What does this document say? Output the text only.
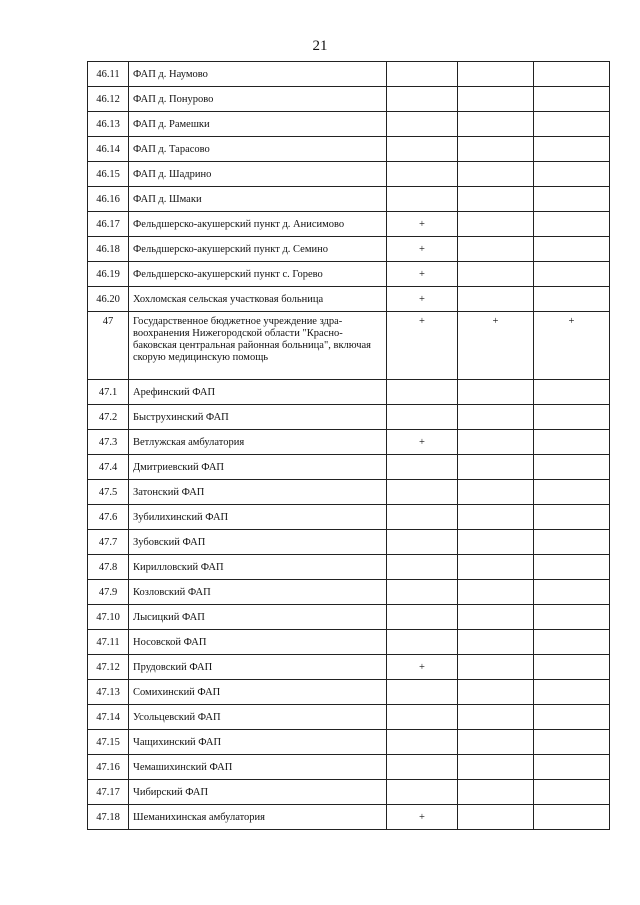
21
46.11	ФАП д. Наумово			
46.12	ФАП д. Понурово			
46.13	ФАП д. Рамешки			
46.14	ФАП д. Тарасово			
46.15	ФАП д. Шадрино			
46.16	ФАП д. Шмаки			
46.17	Фельдшерско-акушерский пункт д. Анисимово	+		
46.18	Фельдшерско-акушерский пункт д. Семино	+		
46.19	Фельдшерско-акушерский пункт с. Горево	+		
46.20	Хохломская сельская участковая больница	+		
47	Государственное бюджетное учреждение здра-воохранения Нижегородской области "Красно-баковская центральная районная больница", включая скорую медицинскую помощь	+	+	+
47.1	Арефинский ФАП			
47.2	Быструхинский ФАП			
47.3	Ветлужская амбулатория	+		
47.4	Дмитриевский ФАП			
47.5	Затонский ФАП			
47.6	Зубилихинский ФАП			
47.7	Зубовский ФАП			
47.8	Кирилловский ФАП			
47.9	Козловский ФАП			
47.10	Лысицкий ФАП			
47.11	Носовской ФАП			
47.12	Прудовский ФАП	+		
47.13	Сомихинский ФАП			
47.14	Усольцевский ФАП			
47.15	Чащихинский ФАП			
47.16	Чемашихинский ФАП			
47.17	Чибирский ФАП			
47.18	Шеманихинская амбулатория	+		
